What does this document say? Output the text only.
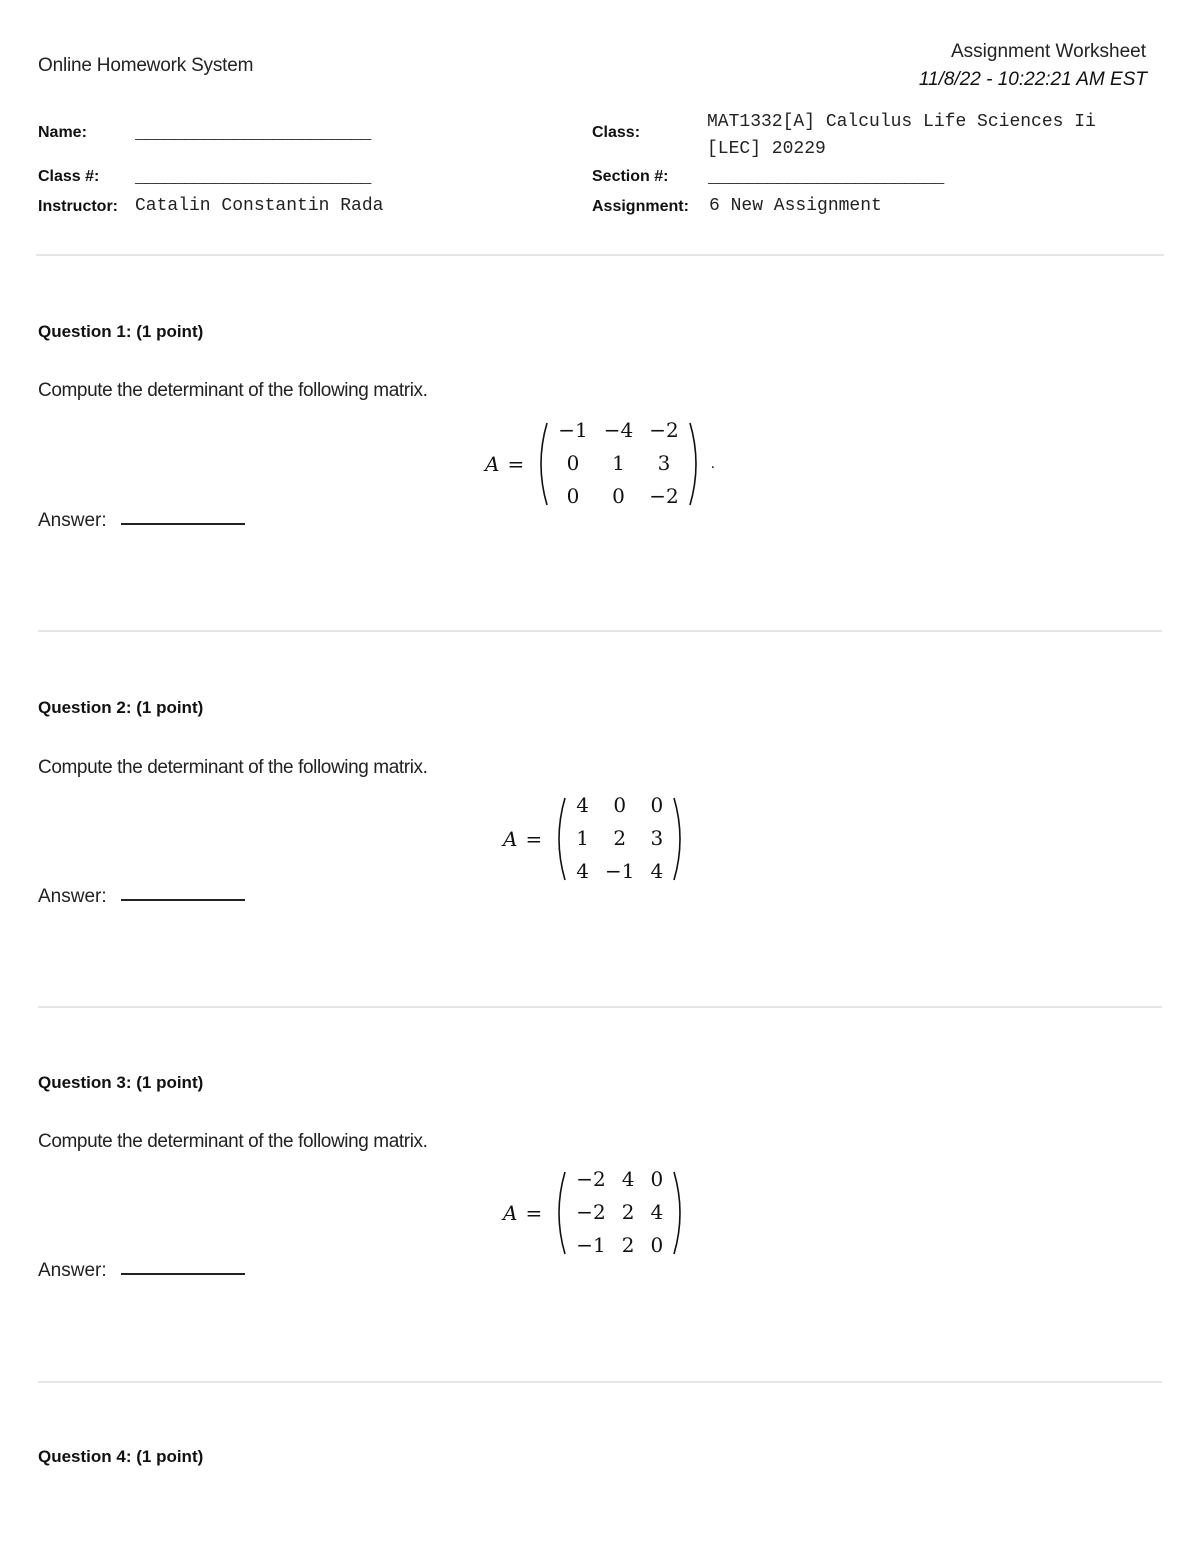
Online Homework System
Assignment Worksheet
11/8/22 - 10:22:21 AM EST
Name:	________________________	Class:
MAT1332[A] Calculus Life Sciences Ii [LEC] 20229
Class #: ________________________	Section #: ________________________
Instructor: Catalin Constantin Rada	Assignment: 6 New Assignment
Question 1: (1 point)
Compute the determinant of the following matrix.
A =
−1	−4	−2
0	1	3
0	0	−2
.
Answer:
Question 2: (1 point)
Compute the determinant of the following matrix.
A =
4	0	0
1	2	3
4	−1	4
Answer:
Question 3: (1 point)
Compute the determinant of the following matrix.
A =
−2	4	0
−2	2	4
−1	2	0
Answer:
Question 4: (1 point)
